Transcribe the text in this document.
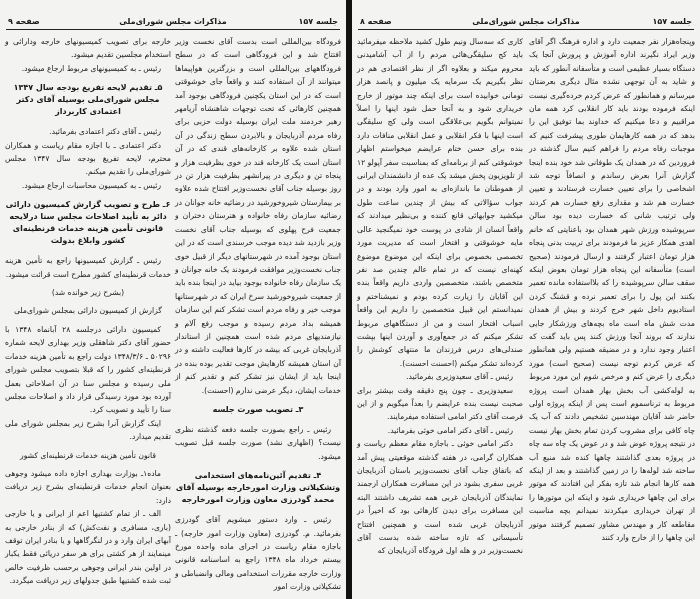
جلسه ۱۵۷
مذاکرات مجلس شورای‌ملی
صفحه ۹

فرودگاه بین‌المللی است بدست آقای نخست وزیر افتتاح شد و این فرودگاهی است که در سطح فرودگاههای بین‌المللی است و بزرگترین هواپیماها میتوانند از آن استفاده کنند و واقعاً جای خوشوقتی است که در این استان یکچنین فرودگاهی بوجود آمد همچنین کارهائی که تحت توجهات شاهنشاه آریامهر رهبر خردمند ملت ایران بوسیله دولت حزبی برای رفاه مردم آذربایجان و بالابردن سطح زندگی در آن استان شده علاوه بر کارخانه‌های قندی که در آن استان است یک کارخانه قند در خوی بظرفیت هزار و پنجاه تن و دیگری در پیرانشهر بظرفیت هزار تن در روز بوسیله جناب آقای نخست‌وزیر افتتاح شده علاوه بر بیمارستان شیروخورشید در رضائیه خانه جوانان در رضائیه سازمان رفاه خانواده و هنرستان دختران و جمعیت فرح پهلوی که بوسیله جناب آقای نخست وزیر بازدید شد دیده موجب خرسندی است که در این استان بوجود آمده در شهرستانهای دیگر از قبیل خوی جناب نخست‌وزیر موافقت فرمودند یک خانه جوانان و یک سازمان رفاه خانواده بوجود بیاید در اینجا بنده باید از جمعیت شیروخورشید سرخ ایران که در شهرستانها موجب خیر و رفاه مردم است تشکر کنم این سازمان همیشه بداد مردم رسیده و موجب رفع آلام و نیازمندیهای مردم شده است همچنین از استاندار آذربایجان غربی که بیشه در کارها فعالیت داشته و در آن استان همیشه کارهایش موجب تقدیر بوده بنده در اینجا باید از ایشان نیز تشکر کنم و تقدیر کنم از خدمات ایشان، دیگر عرضی ندارم (احسنت).

۳ـ تصویب صورت جلسه

رئیس ـ راجع بصورت جلسه دفعه گذشته نظری نیست؟ (اظهاری نشد) صورت جلسه قبل تصویب میشود.

۴ـ تقدیم آئین‌نامه‌های استخدامی وتشکیلاتی وزارت امورخارجه بوسیله آقای محمد گودرزی معاون وزارت امورخارجه

رئیس ـ وارد دستور میشویم آقای گودرزی بفرمائید. م. گودرزی (معاون وزارت امور خارجه) ـ باجازه مقام ریاست در اجرای ماده واحده مورخ بیستم خرداد ماه ۱۳۴۸ راجع به اساسنامه قانونی وزارت خارجه مقررات استخدامی ومالی وانضباطی و تشکیلاتی وزارت امور

خارجه برای تصویب کمیسیونهای خارجه ودارائی و استخدام مجلسین تقدیم میشود.

رئیس ـ به کمیسیونهای مربوط ارجاع میشود.

۵ـ تقدیم لایحه تفریغ بودجه سال ۱۳۴۷ مجلس شورای‌ملی بوسیله آقای دکتر اعتمادی کاربرداز

رئیس ـ آقای دکتر اعتمادی بفرمائید.

دکتر اعتمادی ـ با اجازه مقام ریاست و همکاران محترم، لایحه تفریغ بودجه سال ۱۳۴۷ مجلس شورای‌ملی را تقدیم میکنم.

رئیس ـ به کمیسیون محاسبات ارجاع میشود.

۶ـ طرح و تصویب گزارش کمیسیون دارائی دائر به تأیید اصلاحات مجلس سنا درلایحه قانونی تأمین هزینه خدمات قرنطینه‌ای کشور وابلاغ بدولت

رئیس ـ گزارش کمیسیونها راجع به تأمین هزینه خدمات قرنطینه‌ای کشور مطرح است قرائت میشود.

(بشرح زیر خوانده شد)

گزارش از کمیسیون دارائی بمجلس شورای‌ملی

کمیسیون دارائی درجلسه ۲۸ آبانماه ۱۳۴۸ با حضور آقای دکتر شاهقلی وزیر بهداری لایحه شماره ۵۰۲۹۶ ـ ۱۳۴۸/۳/۶ دولت راجع به تأمین هزینه خدمات قرنطینه‌ای کشور را که قبلا بتصویب مجلس شورای ملی رسیده و مجلس سنا در آن اصلاحاتی بعمل آورده بود مورد رسیدگی قرار داد و اصلاحات مجلس سنا را تأیید و تصویب کرد.

اینک گزارش آنرا بشرح زیر بمجلس شورای ملی تقدیم میدارد.

قانون تأمین هزینه خدمات قرنطینه‌ای کشور

ماده۱ـ بوزارت بهداری اجازه داده میشود وجوهی بعنوان انجام خدمات قرنطینه‌ای بشرح زیر دریافت دارد:

الف ـ از تمام کشتیها اعم از ایرانی و یا خارجی (باری، مسافری و نفت‌کش) که از بنادر خارجی به آبهای ایران وارد و در لنگرگاهها و یا بنادر ایران توقف مینمایند از هر کشتی برای هر سفر دریائی فقط یکبار در اولین بندر ایرانی وجوهی برحسب ظرفیت خالص ثبت شده کشتیها طبق جدولهای زیر دریافت میگردد.

جلسه ۱۵۷
مذاکرات مجلس شورای‌ملی
صفحه ۸

وپنجاه‌هزار نفر جمعیت دارد و اداره فرهنگ اگر آقای وزیر ایراد نگیرند اداره آموزش و پرورش آنجا یک دستگاه بسیار عظیمی است و متأسفانه آنطور که باید و شاید به آن توجهی نشده مثال دیگری بعرضتان میرسانم و همانطور که عرض کردم خرده‌گیری نیست اینکه فرموده بودند باید کار انقلابی کرد همه مان مراقبیم و دعا میکنیم که خداوند بما توفیق این را بدهد که در همه کارهایمان طوری پیشرفت کنیم که موجبات رفاه مردم را فراهم کنیم سال گذشته در فروردین که در همدان یک طوفانی شد خود بنده اینجا گزارش آنرا بعرض رساندم و انصافاً توجه شد اشخاصی را برای تعیین خسارت فرستادند و تعیین خسارت هم شد و مقداری رفع خسارت هم کردند ولی ترتیب شانی که خسارت دیده بود سالن سرپوشیده ورزش شهر همدان بود باعنایتی که خانم اهدی همکار عزیز ما فرمودند برای تربیت بدنی پنجاه هزار تومان اعتبار گرفتند و ارسال فرمودند (صحیح است) متأسفانه این پنجاه هزار تومان بعوض اینکه سقف سالن سرپوشیده را که بلااستفاده مانده تعمیر بکنند این پول را برای تعمیر نرده و قشنگ کردن استادیوم داخل شهر خرج کردند و بیش از همدان مدت شش ماه است ماه بچه‌های ورزشکار جایی ندارند که بروند آنجا ورزش کنند پس باید گفت که اعتبار وجود ندارد و در مضیقه هستیم ولی همانطور که عرض کردم توجه نیست (صحیح است) مورد دیگری را عرض کنم و مرخص شوم این مورد مربوط به لوله‌کشی آب بخش بهار همدان است پروژه مربوط به ترناسموم است پس از اینکه پروژه اولی حاضر شد آقایان مهندسین تشخیص دادند که آب یک چاه کافی برای مشروب کردن تمام بخش بهار نیست در نتیجه پروژه عوض شد و در عوض یک چاه سه چاه در پروژه بعدی گذاشتند چاهها کنده شد منبع آب ساخته شد لوله‌ها را در زمین گذاشتند و بعد از اینکه همه کارها انجام شد تازه بفکر این افتادند که موتور برای این چاهها خریداری شود و اینکه این موتورها را از تهران خریداری میکردند نمیدانم بچه مناسبت مقاطعه کار و مهندس مشاور تصمیم گرفتند موتور این چاهها را از خارج وارد کنند

کاری که سه‌سال ونیم طول کشید ملاحظه میفرمائید باید کج سلیقگی‌هائی مردم را از آب آشامیدنی محروم میکند و بعلاوه اگر از نظر اقتصادی هم در نظر بگیریم یک سرمایه یک میلیون و پانصد هزار تومانی خوابیده است برای اینکه چند موتور از خارج خریداری شود و به آنجا حمل شود اینها را اصلاً نمیتوانم بگویم بی‌علاقگی است ولی کج سلیقگی است اینها با فکر انقلابی و عمل انقلابی منافات دارد بنده برای حسن ختام عرایضم میخواستم اظهار خوشوقتی کنم از برنامه‌ای که بمناسبت سفر آپولو ۱۲ از تلویزیون پخش میشد یک عده از دانشمندان ایرانی از هموطنان ما باندازه‌ای به امور وارد بودند و در جواب سؤالاتی که بیش از چندین ساعت طول میکشید جوابهائی قانع کننده و بی‌نظیر میدادند که واقعاً انسان از شادی در پوست خود نمیگنجید عالی مایه خوشوقتی و افتخار است که مدیریت مورد تخصصی بخصوص برای اینکه این موضوع موضوع کهنه‌ای نیست که در تمام عالم چندین صد نفر متخصص باشند، متخصصین واردی داریم واقعاً بنده این آقایان را زیارت کرده بودم و نمیشناختم و نمیدانستم این قبیل متخصصین را داریم این واقعاً اسباب افتخار است و من از دستگاههای مربوط تشکر میکنم که در جمع‌آوری و آوردن اینها بپشت صندلی‌های درس فرزندان ما منتهای کوشش را کرده‌اند تشکر میکنم (احسنت احسنت).

رئیس ـ آقای سعیدوزیری بفرمائید.

سعیدوزیری ـ چون پنج دقیقه وقت بیشتر برای صحبت نیست بنده عرایضم را بعداً میگویم و از این فرصت آقای دکتر امامی استفاده میفرمایند.

رئیس ـ آقای دکتر امامی خوئی بفرمائید.

دکتر امامی خوئی ـ باجازه مقام معظم ریاست و همکاران گرامی، در هفته گذشته موقعیتی پیش آمد که باتفاق جناب آقای نخست‌وزیر باستان آذربایجان غربی سفری بشود در این مسافرت همکاران ارجمند نمایندگان آذربایجان غربی همه تشریف داشتند البته این مسافرت برای دیدن کارهائی بود که اخیراً در آذربایجان غربی شده است و همچنین افتتاح تأسیساتی که تازه ساخته شده بدست آقای نخست‌وزیر در و هله اول فرودگاه آذربایجان که
